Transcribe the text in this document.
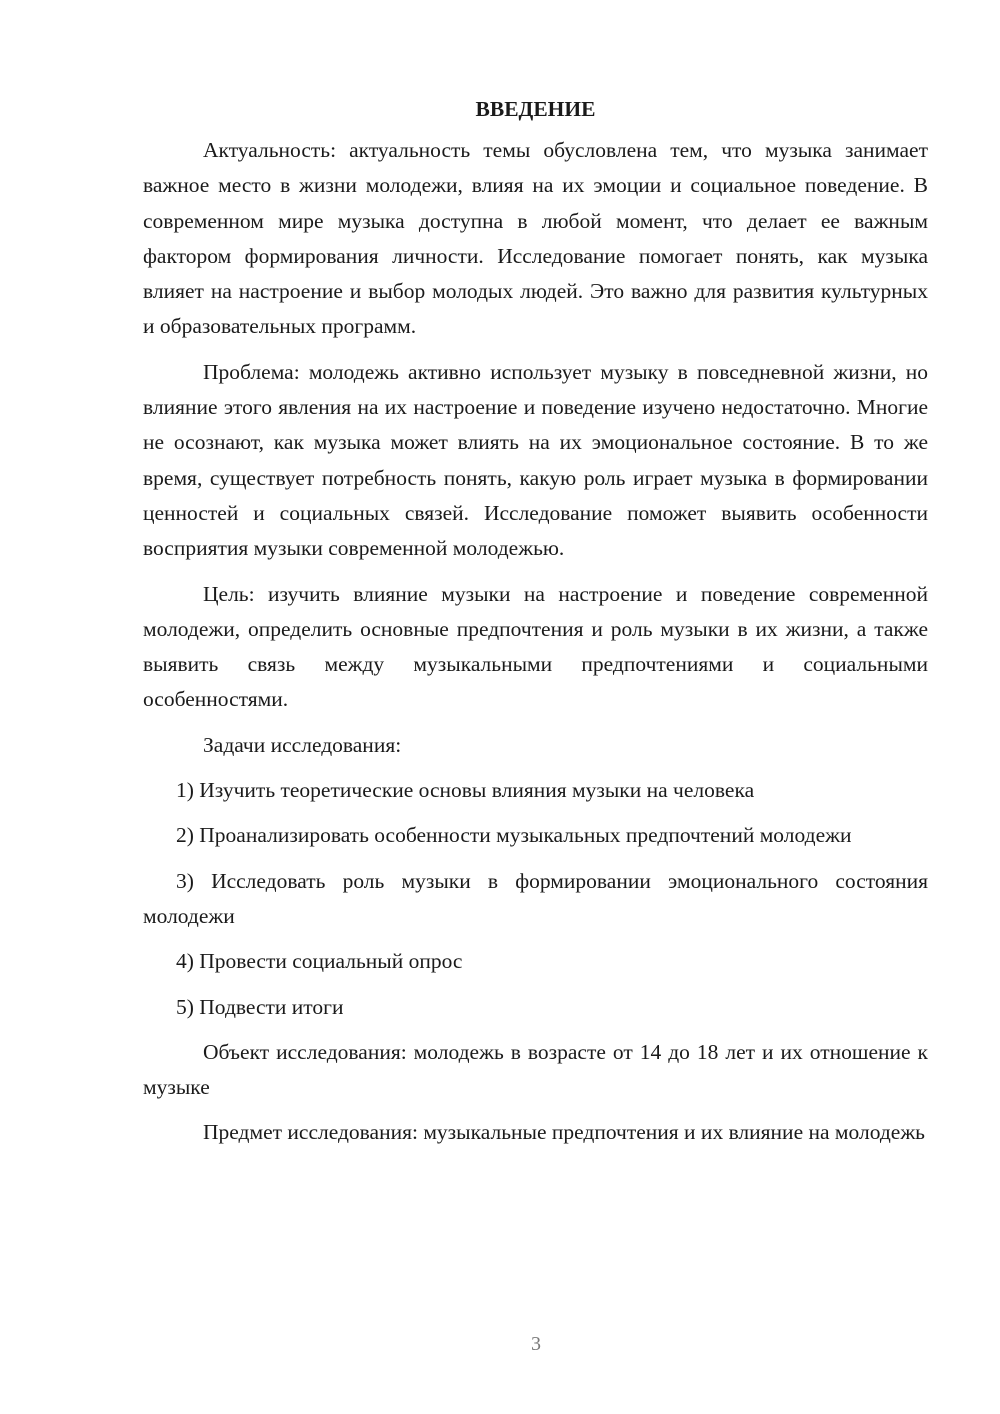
ВВЕДЕНИЕ

Актуальность: актуальность темы обусловлена тем, что музыка занимает важное место в жизни молодежи, влияя на их эмоции и социальное поведение. В современном мире музыка доступна в любой момент, что делает ее важным фактором формирования личности. Исследование помогает понять, как музыка влияет на настроение и выбор молодых людей. Это важно для развития культурных и образовательных программ.

Проблема: молодежь активно использует музыку в повседневной жизни, но влияние этого явления на их настроение и поведение изучено недостаточно. Многие не осознают, как музыка может влиять на их эмоциональное состояние. В то же время, существует потребность понять, какую роль играет музыка в формировании ценностей и социальных связей. Исследование поможет выявить особенности восприятия музыки современной молодежью.

Цель: изучить влияние музыки на настроение и поведение современной молодежи, определить основные предпочтения и роль музыки в их жизни, а также выявить связь между музыкальными предпочтениями и социальными особенностями.

Задачи исследования:

1) Изучить теоретические основы влияния музыки на человека

2) Проанализировать особенности музыкальных предпочтений молодежи

3) Исследовать роль музыки в формировании эмоционального состояния молодежи

4) Провести социальный опрос

5) Подвести итоги

Объект исследования: молодежь в возрасте от 14 до 18 лет и их отношение к музыке

Предмет исследования: музыкальные предпочтения и их влияние на молодежь

3
